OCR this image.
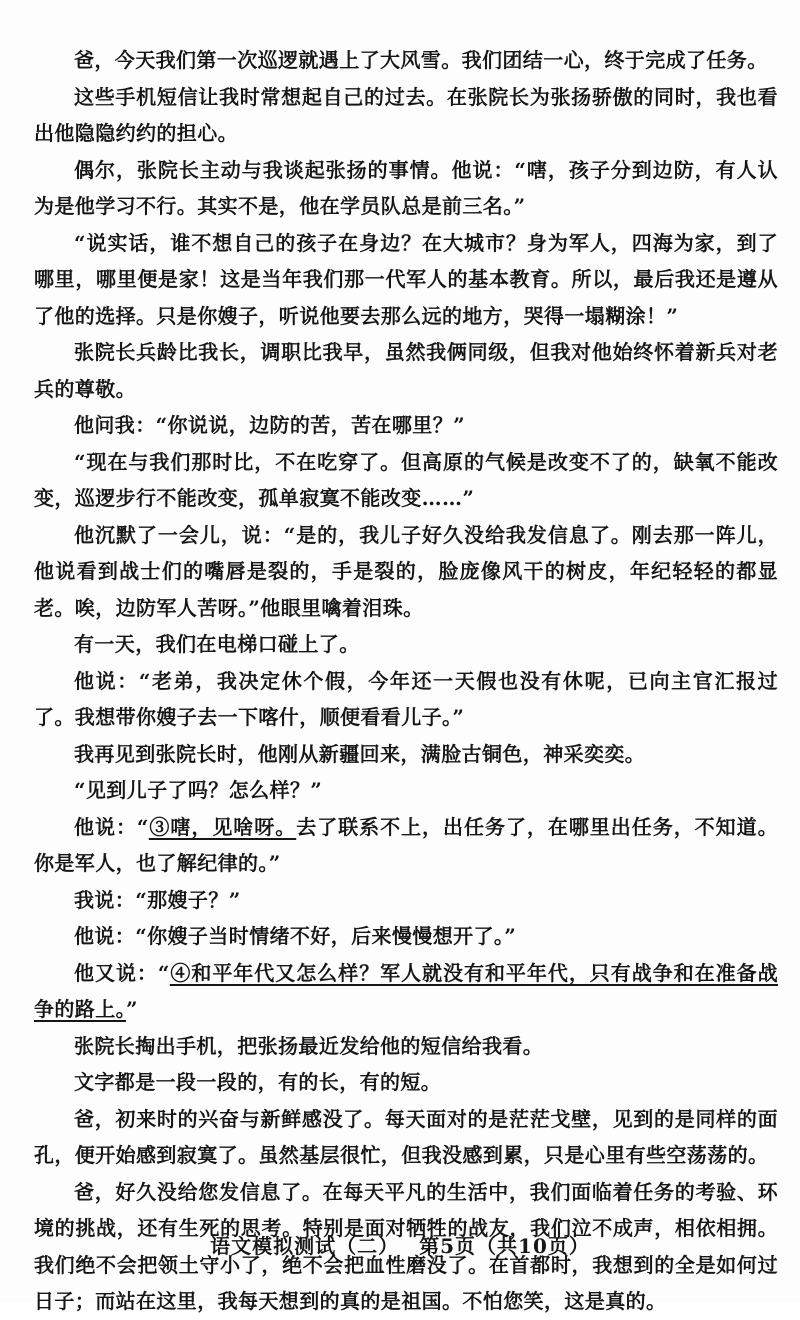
爸，今天我们第一次巡逻就遇上了大风雪。我们团结一心，终于完成了任务。

这些手机短信让我时常想起自己的过去。在张院长为张扬骄傲的同时，我也看出他隐隐约约的担心。

偶尔，张院长主动与我谈起张扬的事情。他说：“嗐，孩子分到边防，有人认为是他学习不行。其实不是，他在学员队总是前三名。”

“说实话，谁不想自己的孩子在身边？在大城市？身为军人，四海为家，到了哪里，哪里便是家！这是当年我们那一代军人的基本教育。所以，最后我还是遵从了他的选择。只是你嫂子，听说他要去那么远的地方，哭得一塌糊涂！”

张院长兵龄比我长，调职比我早，虽然我俩同级，但我对他始终怀着新兵对老兵的尊敬。

他问我：“你说说，边防的苦，苦在哪里？”

“现在与我们那时比，不在吃穿了。但高原的气候是改变不了的，缺氧不能改变，巡逻步行不能改变，孤单寂寞不能改变……”

他沉默了一会儿，说：“是的，我儿子好久没给我发信息了。刚去那一阵儿，他说看到战士们的嘴唇是裂的，手是裂的，脸庞像风干的树皮，年纪轻轻的都显老。唉，边防军人苦呀。”他眼里噙着泪珠。

有一天，我们在电梯口碰上了。

他说：“老弟，我决定休个假，今年还一天假也没有休呢，已向主官汇报过了。我想带你嫂子去一下喀什，顺便看看儿子。”

我再见到张院长时，他刚从新疆回来，满脸古铜色，神采奕奕。

“见到儿子了吗？怎么样？”

他说：“③嗐，见啥呀。去了联系不上，出任务了，在哪里出任务，不知道。你是军人，也了解纪律的。”

我说：“那嫂子？”

他说：“你嫂子当时情绪不好，后来慢慢想开了。”

他又说：“④和平年代又怎么样？军人就没有和平年代，只有战争和在准备战争的路上。”

张院长掏出手机，把张扬最近发给他的短信给我看。

文字都是一段一段的，有的长，有的短。

爸，初来时的兴奋与新鲜感没了。每天面对的是茫茫戈壁，见到的是同样的面孔，便开始感到寂寞了。虽然基层很忙，但我没感到累，只是心里有些空荡荡的。

爸，好久没给您发信息了。在每天平凡的生活中，我们面临着任务的考验、环境的挑战，还有生死的思考。特别是面对牺牲的战友，我们泣不成声，相依相拥。我们绝不会把领土守小了，绝不会把血性磨没了。在首都时，我想到的全是如何过日子；而站在这里，我每天想到的真的是祖国。不怕您笑，这是真的。

语文模拟测试（二） 第5页（共10页）
